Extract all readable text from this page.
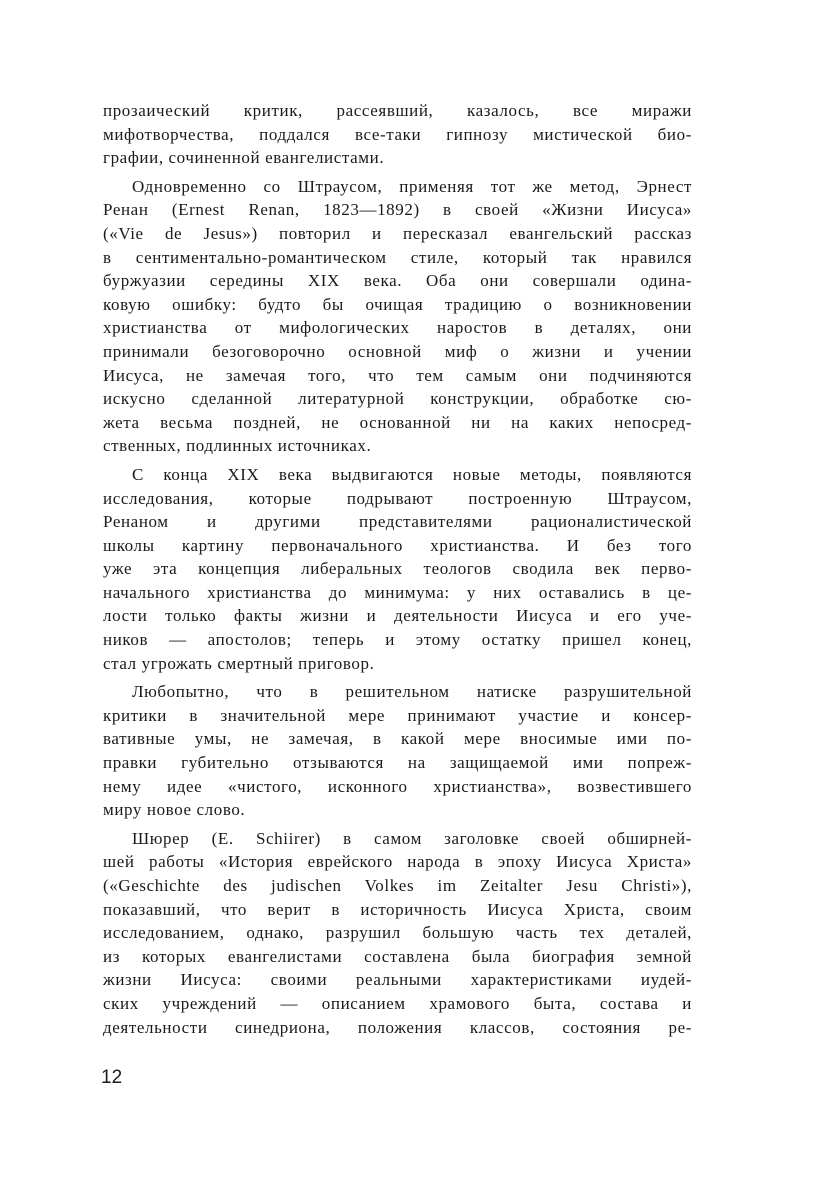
прозаический критик, рассеявший, казалось, все миражи
мифотворчества, поддался все-таки гипнозу мистической био-
графии, сочиненной евангелистами.
Одновременно со Штраусом, применяя тот же метод, Эрнест
Ренан (Ernest Renan, 1823—1892) в своей «Жизни Иисуса»
(«Vie de Jesus») повторил и пересказал евангельский рассказ
в сентиментально-романтическом стиле, который так нравился
буржуазии середины XIX века. Оба они совершали одина-
ковую ошибку: будто бы очищая традицию о возникновении
христианства от мифологических наростов в деталях, они
принимали безоговорочно основной миф о жизни и учении
Иисуса, не замечая того, что тем самым они подчиняются
искусно сделанной литературной конструкции, обработке сю-
жета весьма поздней, не основанной ни на каких непосред-
ственных, подлинных источниках.
С конца XIX века выдвигаются новые методы, появляются
исследования, которые подрывают построенную Штраусом,
Ренаном и другими представителями рационалистической
школы картину первоначального христианства. И без того
уже эта концепция либеральных теологов сводила век перво-
начального христианства до минимума: у них оставались в це-
лости только факты жизни и деятельности Иисуса и его уче-
ников — апостолов; теперь и этому остатку пришел конец,
стал угрожать смертный приговор.
Любопытно, что в решительном натиске разрушительной
критики в значительной мере принимают участие и консер-
вативные умы, не замечая, в какой мере вносимые ими по-
правки губительно отзываются на защищаемой ими попреж-
нему идее «чистого, исконного христианства», возвестившего
миру новое слово.
Шюрер (E. Schiirer) в самом заголовке своей обширней-
шей работы «История еврейского народа в эпоху Иисуса Христа»
(«Geschichte des judischen Volkes im Zeitalter Jesu Christi»),
показавший, что верит в историчность Иисуса Христа, своим
исследованием, однако, разрушил большую часть тех деталей,
из которых евангелистами составлена была биография земной
жизни Иисуса: своими реальными характеристиками иудей-
ских учреждений — описанием храмового быта, состава и
деятельности синедриона, положения классов, состояния ре-
12
